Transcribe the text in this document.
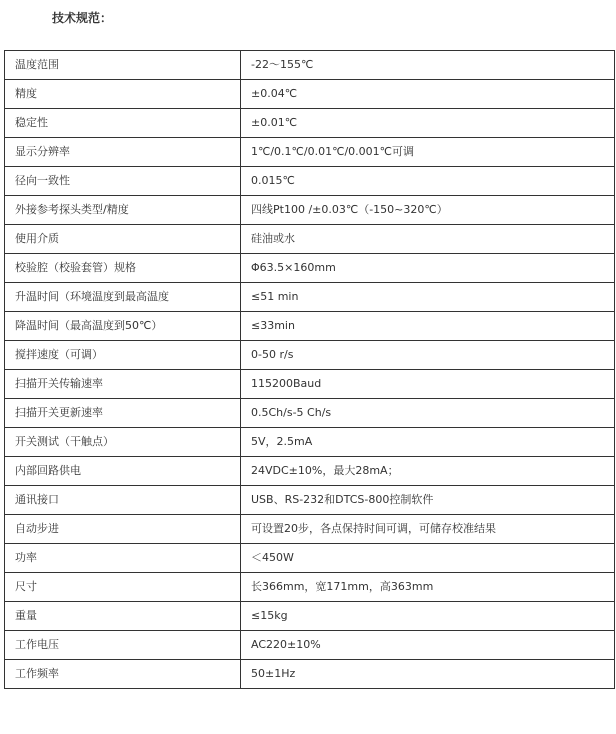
技术规范：
温度范围	-22～155℃
精度	±0.04℃
稳定性	±0.01℃
显示分辨率	1℃/0.1℃/0.01℃/0.001℃可调
径向一致性	0.015℃
外接参考探头类型/精度	四线Pt100 /±0.03℃（-150~320℃）
使用介质	硅油或水
校验腔（校验套管）规格	Φ63.5×160mm
升温时间（环境温度到最高温度	≤51 min
降温时间（最高温度到50℃）	≤33min
搅拌速度（可调）	0-50 r/s
扫描开关传输速率	115200Baud
扫描开关更新速率	0.5Ch/s-5 Ch/s
开关测试（干触点）	5V，2.5mA
内部回路供电	24VDC±10%，最大28mA；
通讯接口	USB、RS-232和DTCS-800控制软件
自动步进	可设置20步，各点保持时间可调，可储存校准结果
功率	＜450W
尺寸	长366mm，宽171mm，高363mm
重量	≤15kg
工作电压	AC220±10%
工作频率	50±1Hz
